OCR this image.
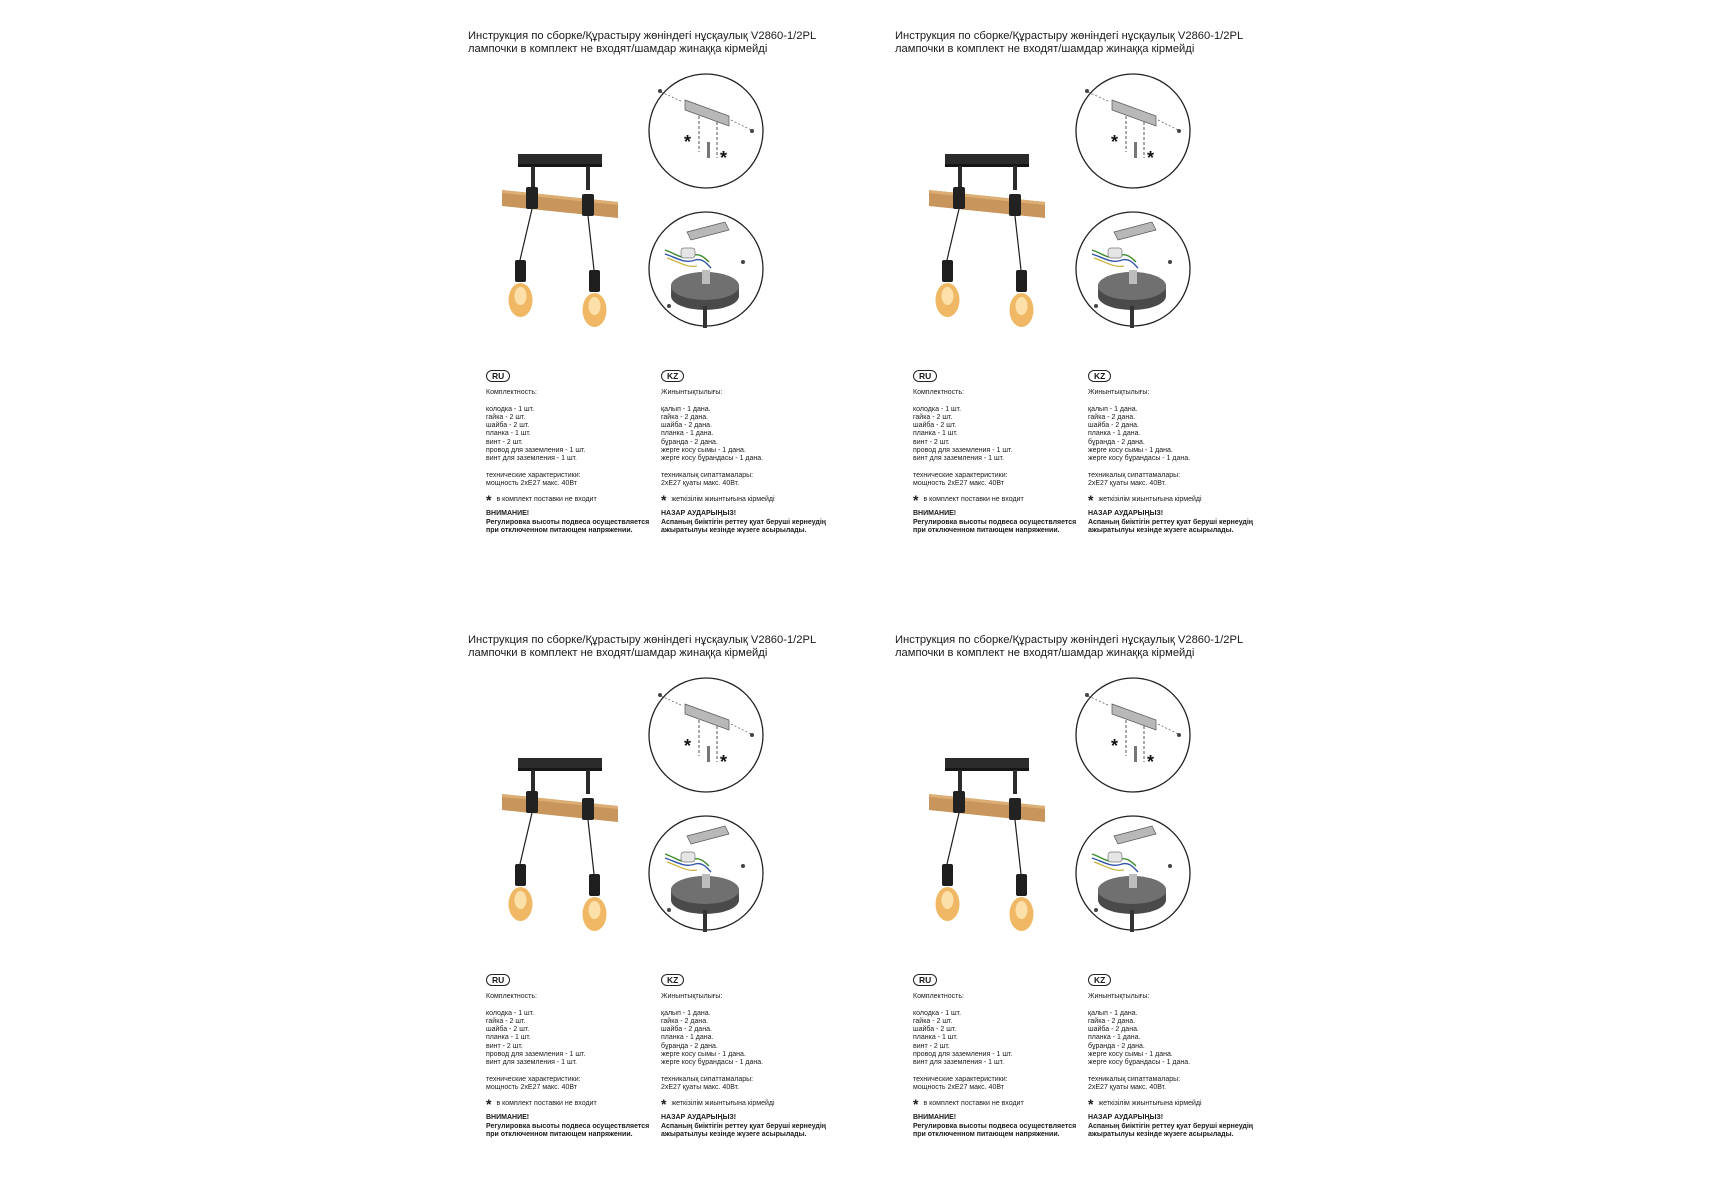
Инструкция по сборке/Құрастыру жөніндегі нұсқаулық V2860-1/2PL
лампочки в комплект не входят/шамдар жинаққа кірмейді
*
*
RU

Комплектность:

колодка - 1 шт.

гайка - 2 шт.

шайба - 2 шт.

планка - 1 шт.

винт - 2 шт.

провод для заземления - 1 шт.

винт для заземления - 1 шт.

технические характеристики:

мощность 2xE27 макс. 40Вт

* в комплект поставки не входит

ВНИМАНИЕ!

Регулировка высоты подвеса осуществляется

при отключенном питающем напряжении.

KZ

Жинынтықтылығы:

қалып - 1 дана.

гайка - 2 дана.

шайба - 2 дана.

планка - 1 дана.

бұранда - 2 дана.

жерге косу сымы - 1 дана.

жерге косу бұрандасы - 1 дана.

техникалық сипаттамалары:

2xE27 қуаты макс. 40Вт.

* жеткізілім жиынтығына кірмейді

НАЗАР АУДАРЫҢЫЗ!

Аспаның биіктігін реттеу қуат беруші кернеудің

ажыратылуы кезінде жүзеге асырылады.

Инструкция по сборке/Құрастыру жөніндегі нұсқаулық V2860-1/2PL
лампочки в комплект не входят/шамдар жинаққа кірмейді
*
*
RU

Комплектность:

колодка - 1 шт.

гайка - 2 шт.

шайба - 2 шт.

планка - 1 шт.

винт - 2 шт.

провод для заземления - 1 шт.

винт для заземления - 1 шт.

технические характеристики:

мощность 2xE27 макс. 40Вт

* в комплект поставки не входит

ВНИМАНИЕ!

Регулировка высоты подвеса осуществляется

при отключенном питающем напряжении.

KZ

Жинынтықтылығы:

қалып - 1 дана.

гайка - 2 дана.

шайба - 2 дана.

планка - 1 дана.

бұранда - 2 дана.

жерге косу сымы - 1 дана.

жерге косу бұрандасы - 1 дана.

техникалық сипаттамалары:

2xE27 қуаты макс. 40Вт.

* жеткізілім жиынтығына кірмейді

НАЗАР АУДАРЫҢЫЗ!

Аспаның биіктігін реттеу қуат беруші кернеудің

ажыратылуы кезінде жүзеге асырылады.

Инструкция по сборке/Құрастыру жөніндегі нұсқаулық V2860-1/2PL
лампочки в комплект не входят/шамдар жинаққа кірмейді
*
*
RU

Комплектность:

колодка - 1 шт.

гайка - 2 шт.

шайба - 2 шт.

планка - 1 шт.

винт - 2 шт.

провод для заземления - 1 шт.

винт для заземления - 1 шт.

технические характеристики:

мощность 2xE27 макс. 40Вт

* в комплект поставки не входит

ВНИМАНИЕ!

Регулировка высоты подвеса осуществляется

при отключенном питающем напряжении.

KZ

Жинынтықтылығы:

қалып - 1 дана.

гайка - 2 дана.

шайба - 2 дана.

планка - 1 дана.

бұранда - 2 дана.

жерге косу сымы - 1 дана.

жерге косу бұрандасы - 1 дана.

техникалық сипаттамалары:

2xE27 қуаты макс. 40Вт.

* жеткізілім жиынтығына кірмейді

НАЗАР АУДАРЫҢЫЗ!

Аспаның биіктігін реттеу қуат беруші кернеудің

ажыратылуы кезінде жүзеге асырылады.

Инструкция по сборке/Құрастыру жөніндегі нұсқаулық V2860-1/2PL
лампочки в комплект не входят/шамдар жинаққа кірмейді
*
*
RU

Комплектность:

колодка - 1 шт.

гайка - 2 шт.

шайба - 2 шт.

планка - 1 шт.

винт - 2 шт.

провод для заземления - 1 шт.

винт для заземления - 1 шт.

технические характеристики:

мощность 2xE27 макс. 40Вт

* в комплект поставки не входит

ВНИМАНИЕ!

Регулировка высоты подвеса осуществляется

при отключенном питающем напряжении.

KZ

Жинынтықтылығы:

қалып - 1 дана.

гайка - 2 дана.

шайба - 2 дана.

планка - 1 дана.

бұранда - 2 дана.

жерге косу сымы - 1 дана.

жерге косу бұрандасы - 1 дана.

техникалық сипаттамалары:

2xE27 қуаты макс. 40Вт.

* жеткізілім жиынтығына кірмейді

НАЗАР АУДАРЫҢЫЗ!

Аспаның биіктігін реттеу қуат беруші кернеудің

ажыратылуы кезінде жүзеге асырылады.
